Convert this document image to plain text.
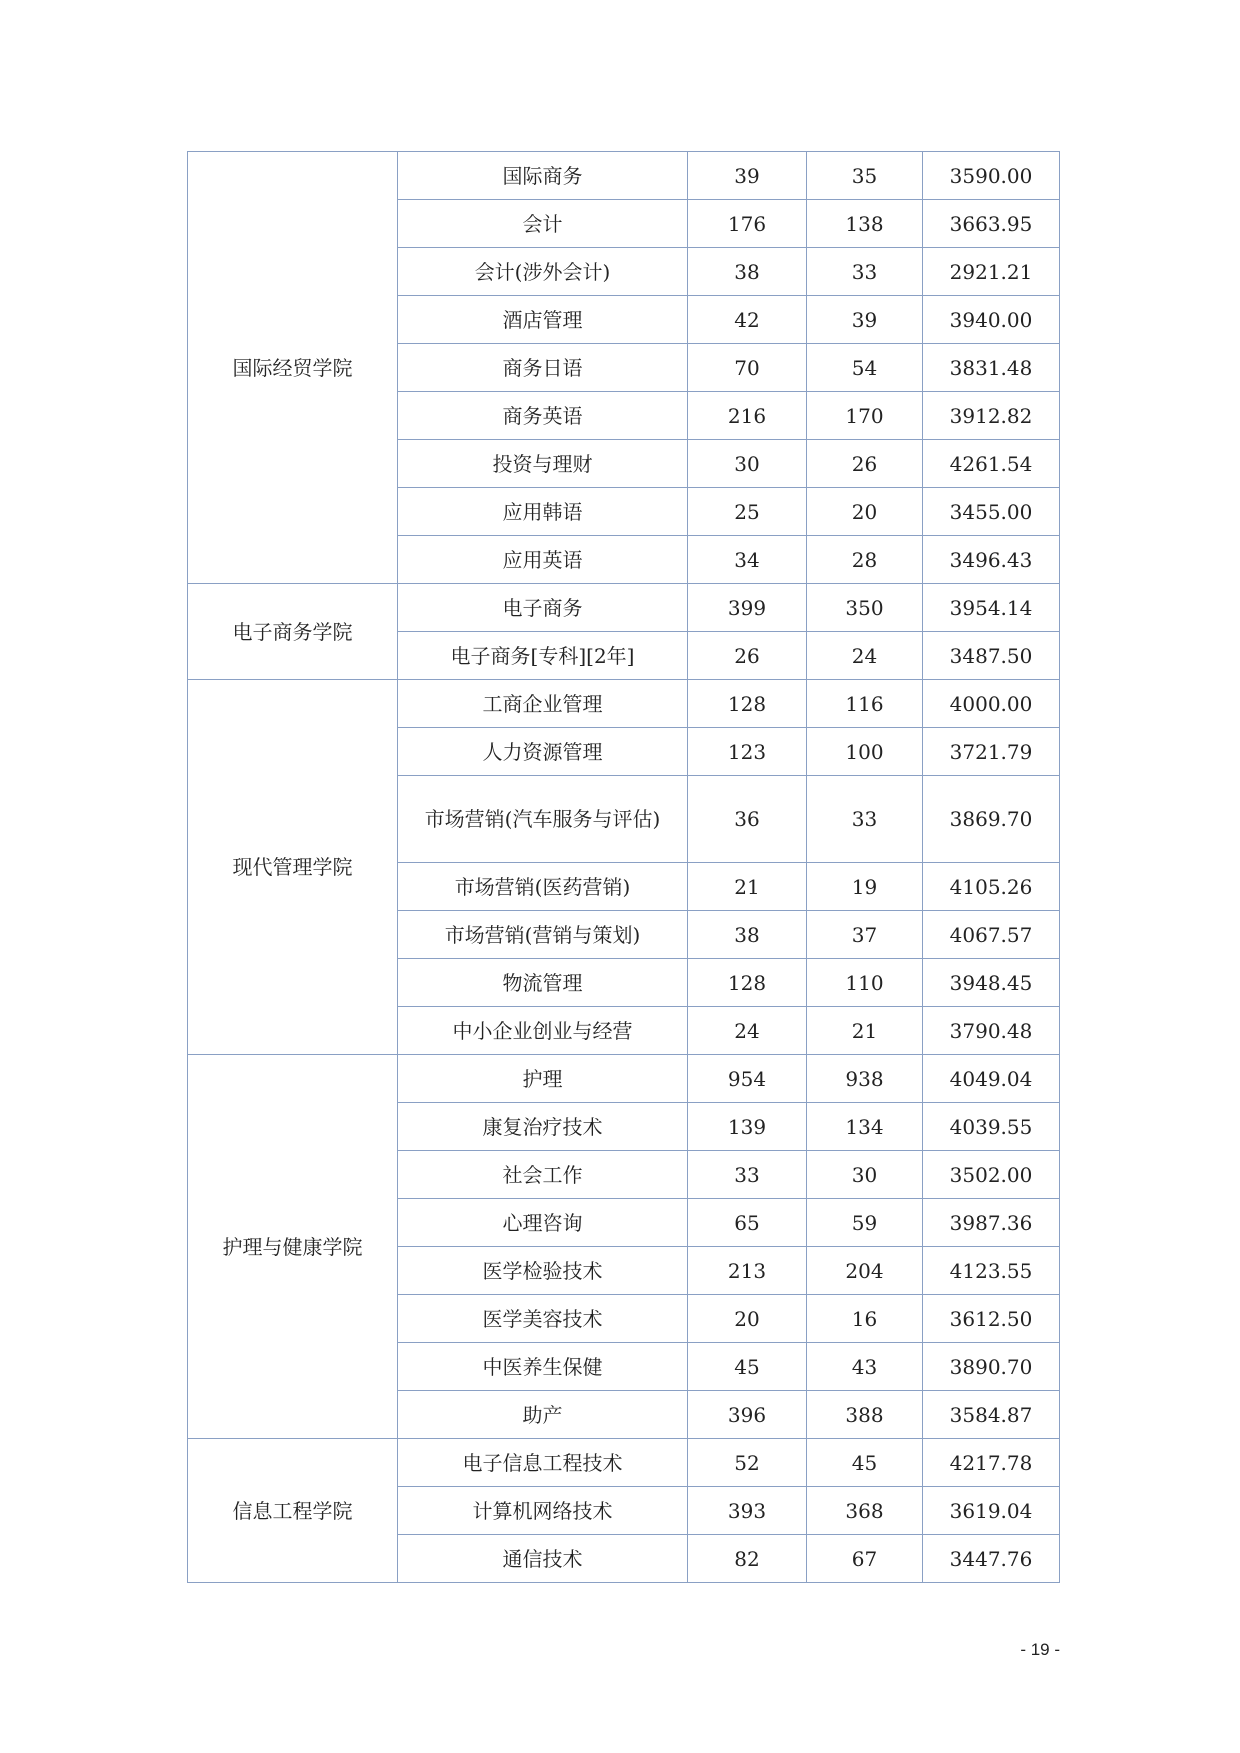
国际经贸学院	国际商务	39	35	3590.00
	会计	176	138	3663.95
	会计(涉外会计)	38	33	2921.21
	酒店管理	42	39	3940.00
	商务日语	70	54	3831.48
	商务英语	216	170	3912.82
	投资与理财	30	26	4261.54
	应用韩语	25	20	3455.00
	应用英语	34	28	3496.43
电子商务学院	电子商务	399	350	3954.14
	电子商务[专科][2年]	26	24	3487.50
现代管理学院	工商企业管理	128	116	4000.00
	人力资源管理	123	100	3721.79
	市场营销(汽车服务与评估)	36	33	3869.70
	市场营销(医药营销)	21	19	4105.26
	市场营销(营销与策划)	38	37	4067.57
	物流管理	128	110	3948.45
	中小企业创业与经营	24	21	3790.48
护理与健康学院	护理	954	938	4049.04
	康复治疗技术	139	134	4039.55
	社会工作	33	30	3502.00
	心理咨询	65	59	3987.36
	医学检验技术	213	204	4123.55
	医学美容技术	20	16	3612.50
	中医养生保健	45	43	3890.70
	助产	396	388	3584.87
信息工程学院	电子信息工程技术	52	45	4217.78
	计算机网络技术	393	368	3619.04
	通信技术	82	67	3447.76
- 19 -
